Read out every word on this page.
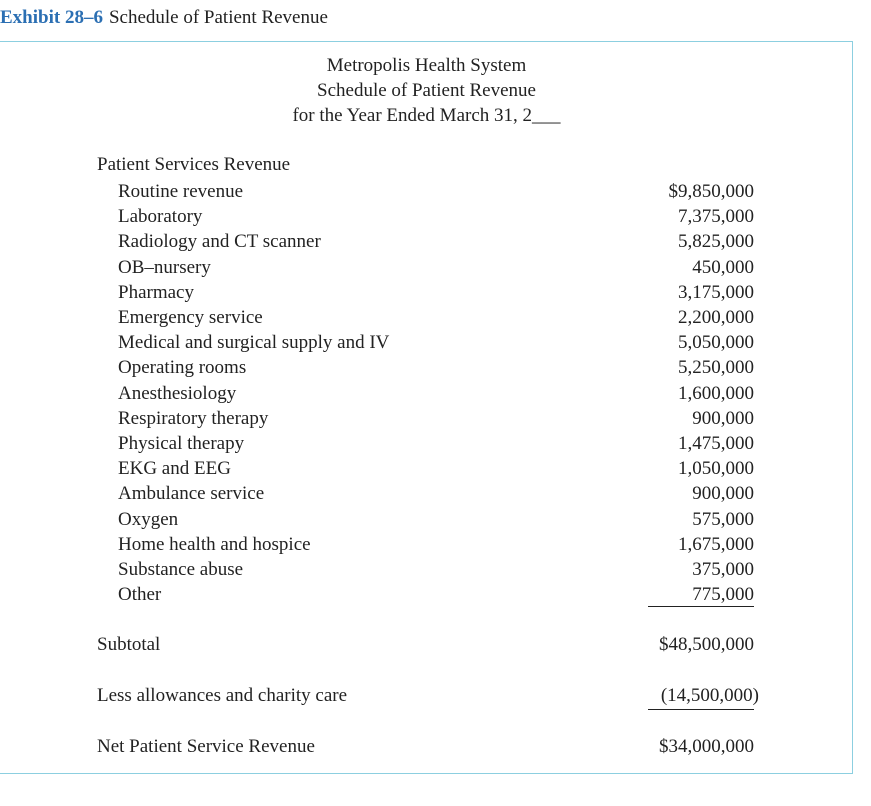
Exhibit 28–6 Schedule of Patient Revenue
Metropolis Health System
Schedule of Patient Revenue
for the Year Ended March 31, 2___
Patient Services Revenue
Routine revenue	$9,850,000
Laboratory	7,375,000
Radiology and CT scanner	5,825,000
OB–nursery	450,000
Pharmacy	3,175,000
Emergency service	2,200,000
Medical and surgical supply and IV	5,050,000
Operating rooms	5,250,000
Anesthesiology	1,600,000
Respiratory therapy	900,000
Physical therapy	1,475,000
EKG and EEG	1,050,000
Ambulance service	900,000
Oxygen	575,000
Home health and hospice	1,675,000
Substance abuse	375,000
Other	775,000
Subtotal	$48,500,000
Less allowances and charity care	(14,500,000)
Net Patient Service Revenue	$34,000,000
